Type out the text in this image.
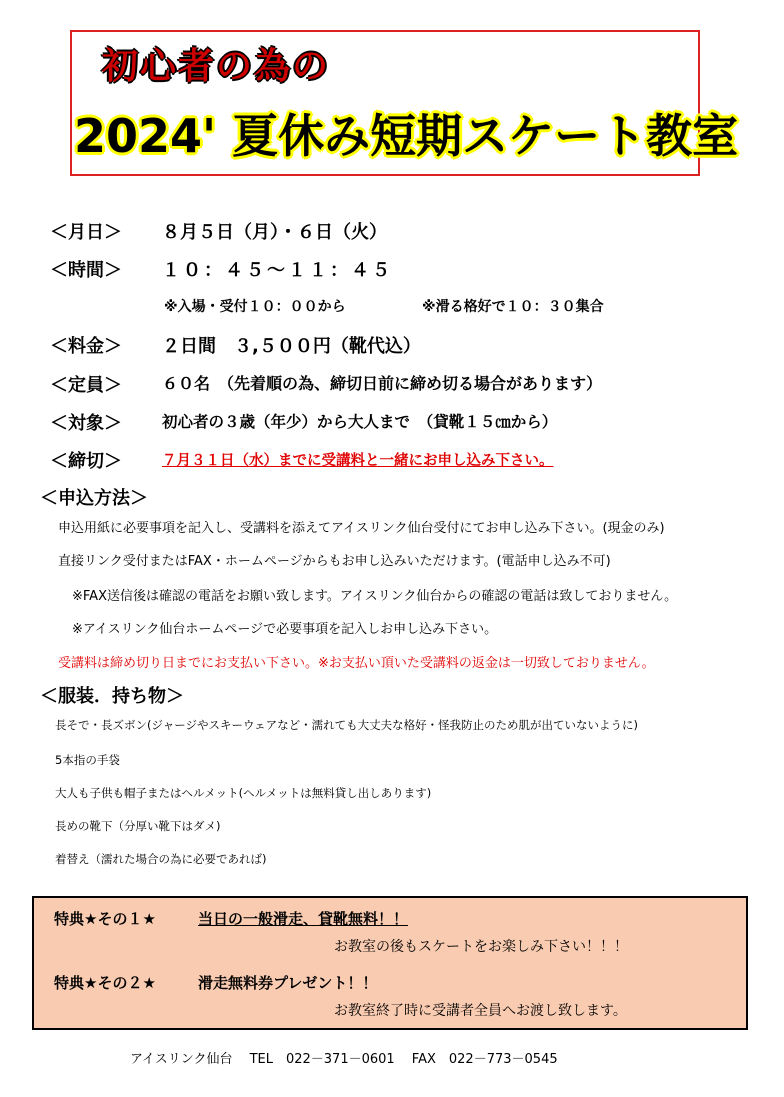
初心者の為の
2024' 夏休み短期スケート教室
＜月日＞ ８月５日（月）・６日（火）
＜時間＞ １０：４５～１１：４５
※入場・受付１０：００から	※滑る格好で１０：３０集合
＜料金＞ ２日間　３,５００円（靴代込）
＜定員＞	６０名　（先着順の為、締切日前に締め切る場合があります）
＜対象＞	初心者の３歳（年少）から大人まで　（貸靴１５㎝から）
＜締切＞	７月３１日（水）までに受講料と一緒にお申し込み下さい。
＜申込方法＞
申込用紙に必要事項を記入し、受講料を添えてアイスリンク仙台受付にてお申し込み下さい。(現金のみ)
直接リンク受付またはFAX・ホームページからもお申し込みいただけます。(電話申し込み不可)
※FAX送信後は確認の電話をお願い致します。アイスリンク仙台からの確認の電話は致しておりません。
※アイスリンク仙台ホームページで必要事項を記入しお申し込み下さい。
受講料は締め切り日までにお支払い下さい。※お支払い頂いた受講料の返金は一切致しておりません。
＜服装．持ち物＞
長そで・長ズボン(ジャージやスキーウェアなど・濡れても大丈夫な格好・怪我防止のため肌が出ていないように)
5本指の手袋
大人も子供も帽子またはヘルメット(ヘルメットは無料貸し出しあります)
長めの靴下（分厚い靴下はダメ)
着替え（濡れた場合の為に必要であれば)
特典★その１★	当日の一般滑走、貸靴無料！！
お教室の後もスケートをお楽しみ下さい！！！
特典★その２★	滑走無料券プレゼント！！
お教室終了時に受講者全員へお渡し致します。
アイスリンク仙台　 TEL　022－371－0601　 FAX　022－773－0545
